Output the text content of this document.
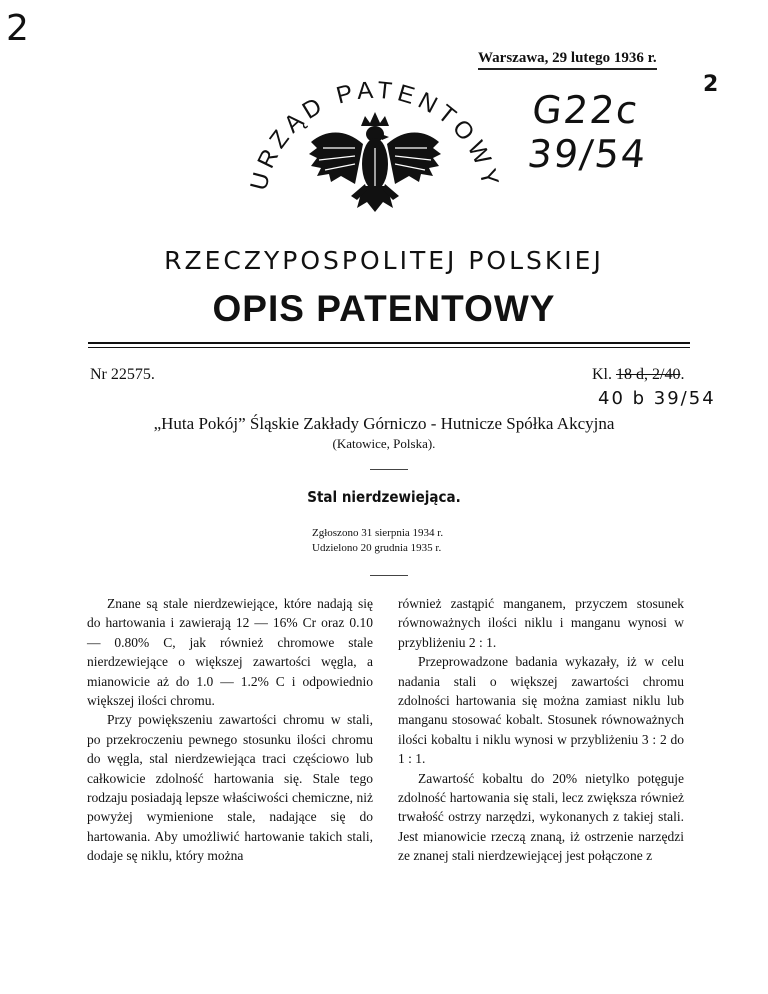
2
Warszawa, 29 lutego 1936 r.
G22c 39/54
2
URZĄD PATENTOWY
RZECZYPOSPOLITEJ POLSKIEJ
OPIS PATENTOWY
Nr 22575.	Kl. 18 d, 2/40.
40 b 39/54
„Huta Pokój” Śląskie Zakłady Górniczo - Hutnicze Spółka Akcyjna
(Katowice, Polska).
Stal nierdzewiejąca.
Zgłoszono 31 sierpnia 1934 r.
Udzielono 20 grudnia 1935 r.

Znane są stale nierdzewiejące, które nadają się do hartowania i zawierają 12 — 16% Cr oraz 0.10 — 0.80% C, jak również chromowe stale nierdzewiejące o większej zawartości węgla, a mianowicie aż do 1.0 — 1.2% C i odpowiednio większej ilości chromu.

Przy powiększeniu zawartości chromu w stali, po przekroczeniu pewnego stosunku ilości chromu do węgla, stal nierdzewiejąca traci częściowo lub całkowicie zdolność hartowania się. Stale tego rodzaju posiadają lepsze właściwości chemiczne, niż powyżej wymienione stale, nadające się do hartowania. Aby umożliwić hartowanie takich stali, dodaje sę niklu, który można

również zastąpić manganem, przyczem stosunek równoważnych ilości niklu i manganu wynosi w przybliżeniu 2 : 1.

Przeprowadzone badania wykazały, iż w celu nadania stali o większej zawartości chromu zdolności hartowania się można zamiast niklu lub manganu stosować kobalt. Stosunek równoważnych ilości kobaltu i niklu wynosi w przybliżeniu 3 : 2 do 1 : 1.

Zawartość kobaltu do 20% nietylko potęguje zdolność hartowania się stali, lecz zwiększa również trwałość ostrzy narzędzi, wykonanych z takiej stali. Jest mianowicie rzeczą znaną, iż ostrzenie narzędzi ze znanej stali nierdzewiejącej jest połączone z
